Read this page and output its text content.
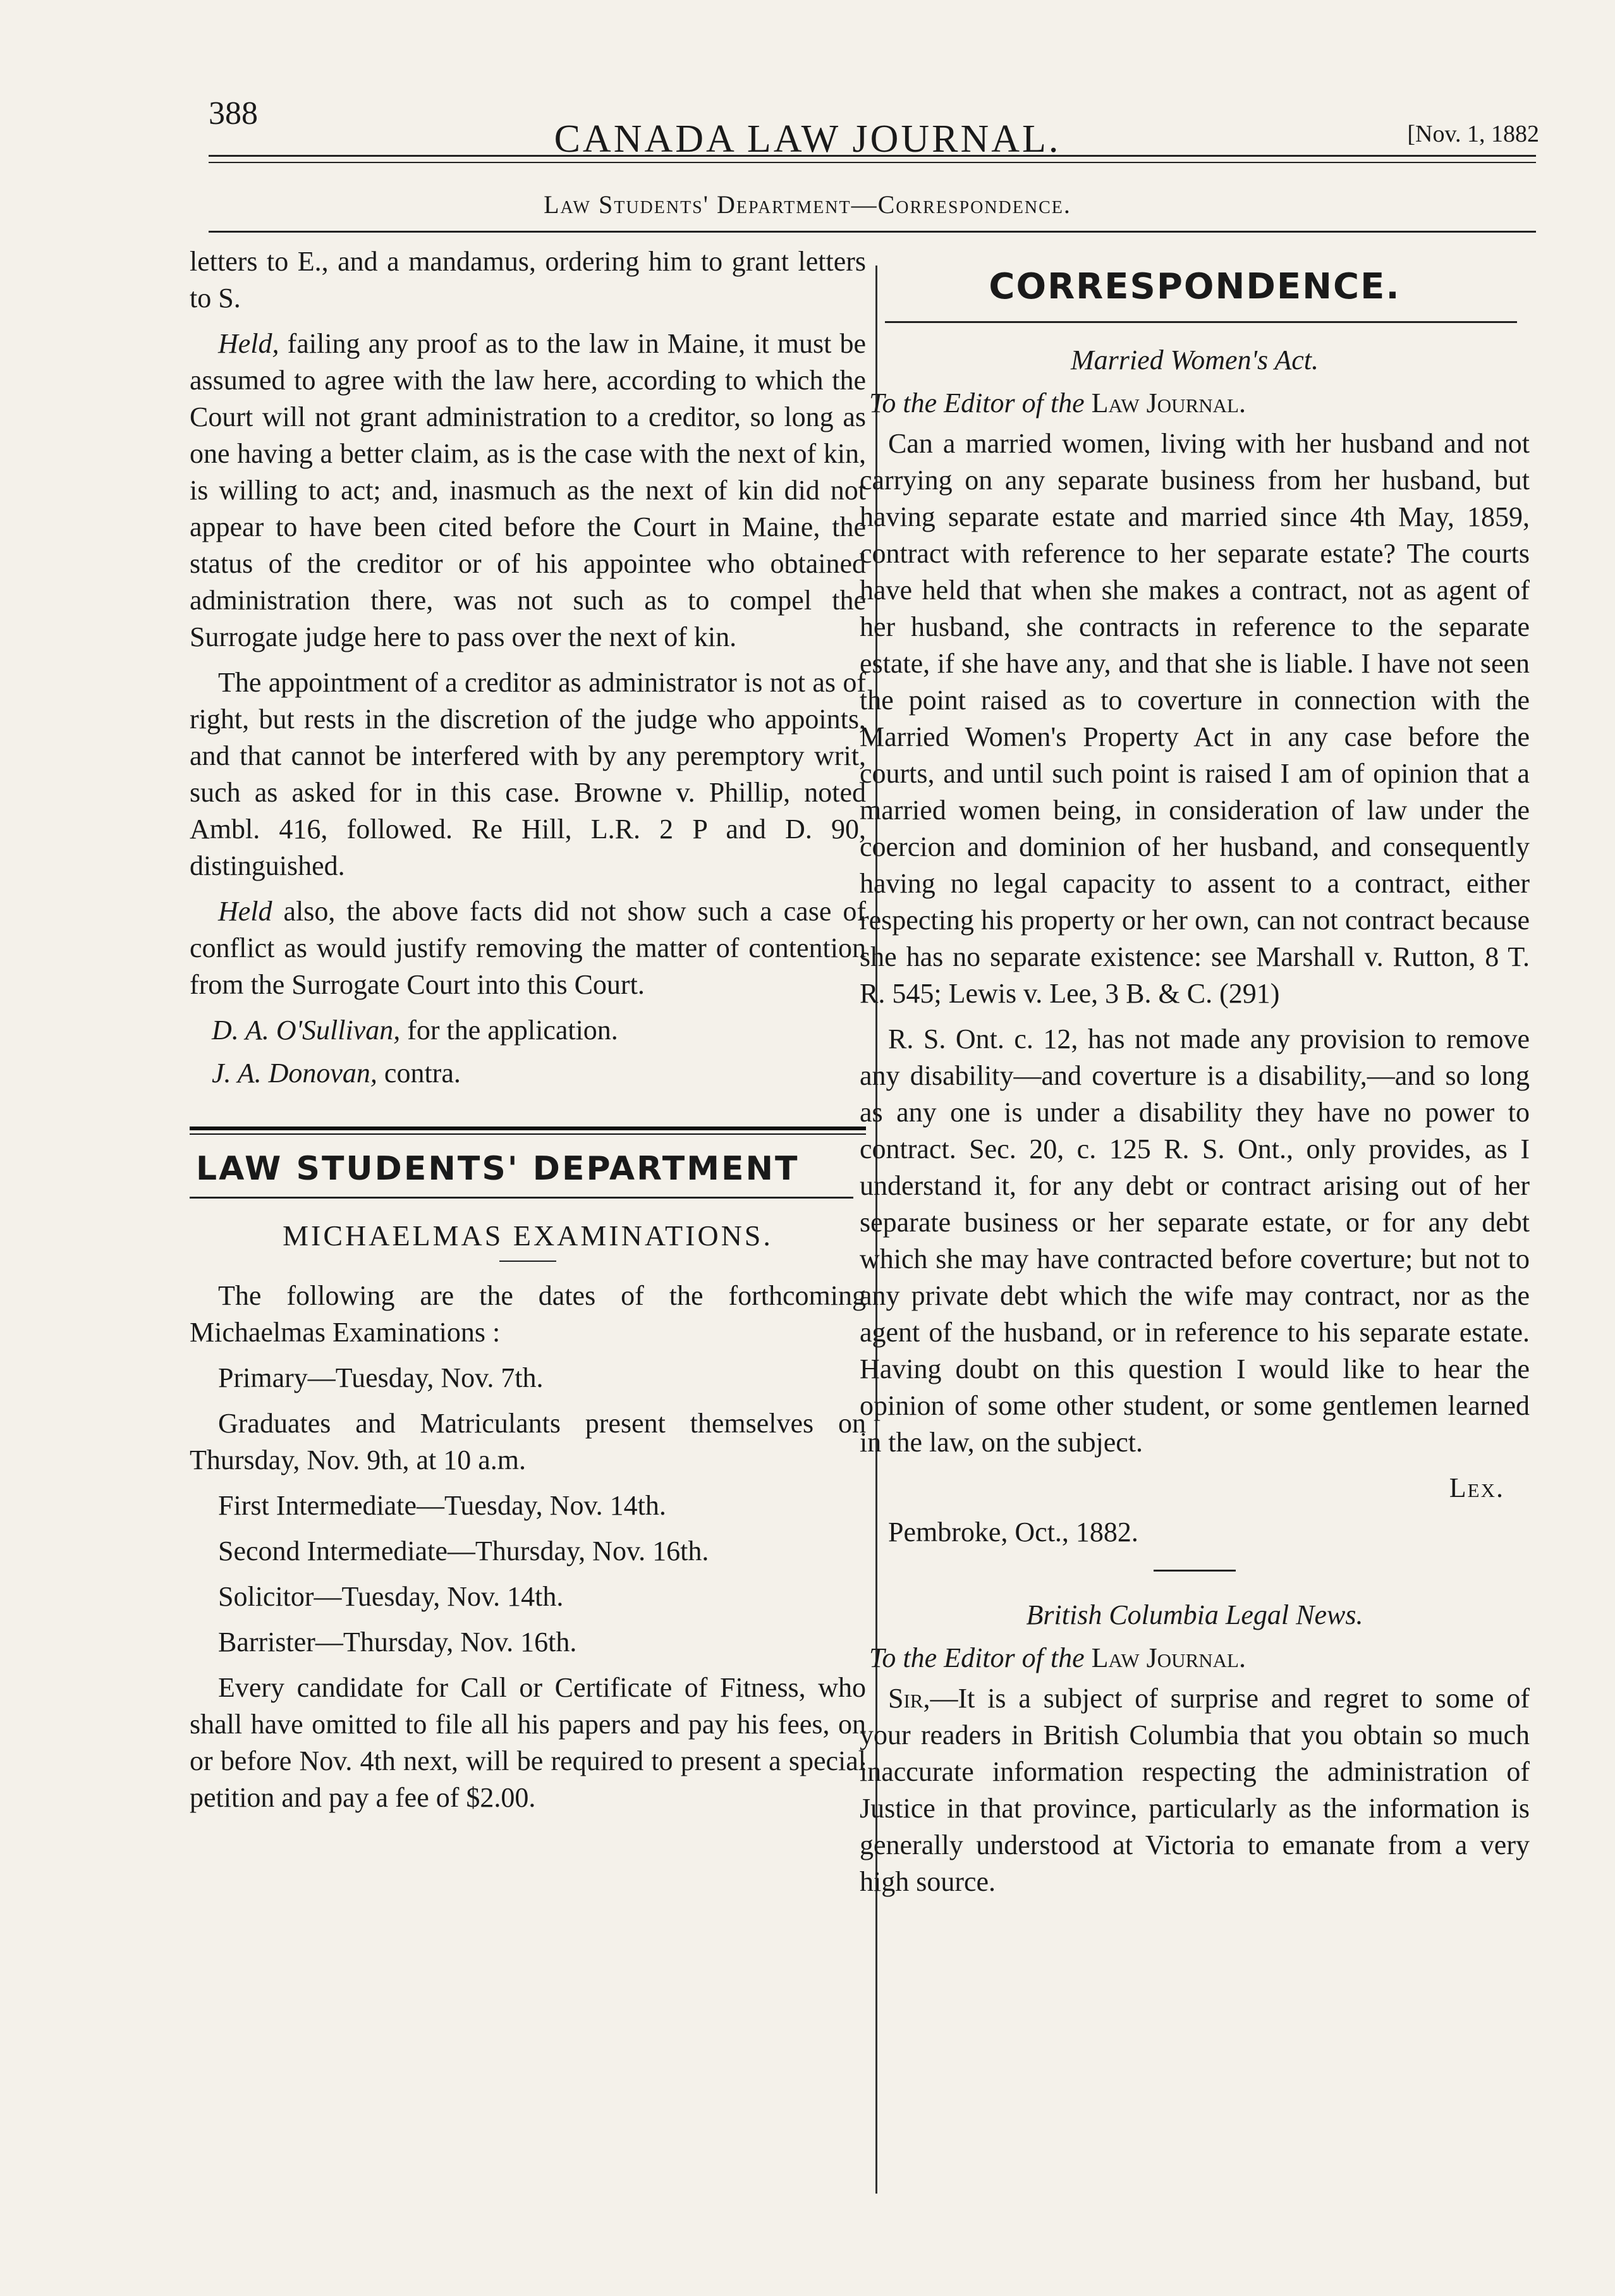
388
CANADA LAW JOURNAL.	[Nov. 1, 1882
Law Students' Department—Correspondence.

letters to E., and a mandamus, ordering him to grant letters to S.

Held, failing any proof as to the law in Maine, it must be assumed to agree with the law here, according to which the Court will not grant administration to a creditor, so long as one having a better claim, as is the case with the next of kin, is willing to act; and, inasmuch as the next of kin did not appear to have been cited before the Court in Maine, the status of the creditor or of his appointee who obtained administration there, was not such as to compel the Surrogate judge here to pass over the next of kin.

The appointment of a creditor as administrator is not as of right, but rests in the discretion of the judge who appoints, and that cannot be interfered with by any peremptory writ, such as asked for in this case. Browne v. Phillip, noted Ambl. 416, followed. Re Hill, L.R. 2 P and D. 90, distinguished.

Held also, the above facts did not show such a case of conflict as would justify removing the matter of contention from the Surrogate Court into this Court.

D. A. O'Sullivan, for the application.

J. A. Donovan, contra.

LAW STUDENTS' DEPARTMENT
MICHAELMAS EXAMINATIONS.

The following are the dates of the forthcoming Michaelmas Examinations :

Primary—Tuesday, Nov. 7th.

Graduates and Matriculants present themselves on Thursday, Nov. 9th, at 10 a.m.

First Intermediate—Tuesday, Nov. 14th.

Second Intermediate—Thursday, Nov. 16th.

Solicitor—Tuesday, Nov. 14th.

Barrister—Thursday, Nov. 16th.

Every candidate for Call or Certificate of Fitness, who shall have omitted to file all his papers and pay his fees, on or before Nov. 4th next, will be required to present a special petition and pay a fee of $2.00.

CORRESPONDENCE.
Married Women's Act.
To the Editor of the Law Journal.

Can a married women, living with her husband and not carrying on any separate business from her husband, but having separate estate and married since 4th May, 1859, contract with reference to her separate estate? The courts have held that when she makes a contract, not as agent of her husband, she contracts in reference to the separate estate, if she have any, and that she is liable. I have not seen the point raised as to coverture in connection with the Married Women's Property Act in any case before the courts, and until such point is raised I am of opinion that a married women being, in consideration of law under the coercion and dominion of her husband, and consequently having no legal capacity to assent to a contract, either respecting his property or her own, can not contract because she has no separate existence: see Marshall v. Rutton, 8 T. R. 545; Lewis v. Lee, 3 B. & C. (291)

R. S. Ont. c. 12, has not made any provision to remove any disability—and coverture is a disability,—and so long as any one is under a disability they have no power to contract. Sec. 20, c. 125 R. S. Ont., only provides, as I understand it, for any debt or contract arising out of her separate business or her separate estate, or for any debt which she may have contracted before coverture; but not to any private debt which the wife may contract, nor as the agent of the husband, or in reference to his separate estate. Having doubt on this question I would like to hear the opinion of some other student, or some gentlemen learned in the law, on the subject.

Lex.

Pembroke, Oct., 1882.

British Columbia Legal News.
To the Editor of the Law Journal.

Sir,—It is a subject of surprise and regret to some of your readers in British Columbia that you obtain so much inaccurate information respecting the administration of Justice in that province, particularly as the information is generally understood at Victoria to emanate from a very high source.
